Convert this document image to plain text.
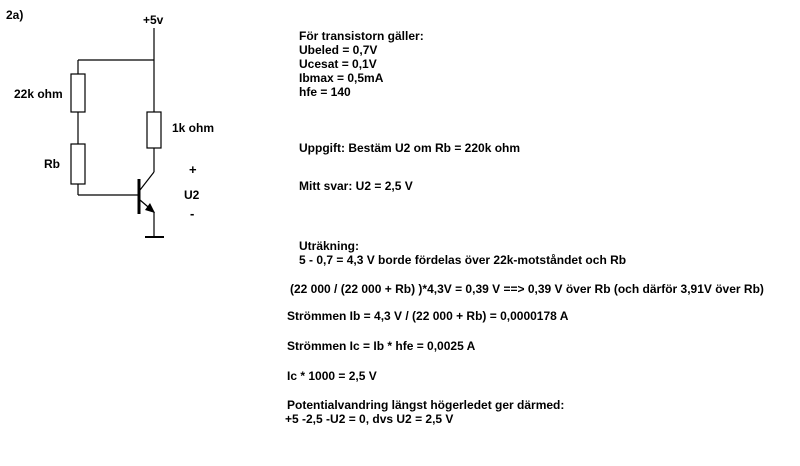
2a)	+5v
22k ohm
Rb
1k ohm
+
U2
-
För transistorn gäller:
Ubeled = 0,7V
Ucesat = 0,1V
Ibmax = 0,5mA
hfe = 140
Uppgift: Bestäm U2 om Rb = 220k ohm
Mitt svar: U2 = 2,5 V
Uträkning:
5 - 0,7 = 4,3 V borde fördelas över 22k-motståndet och Rb
(22 000 / (22 000 + Rb) )*4,3V = 0,39 V ==> 0,39 V över Rb (och därför 3,91V över Rb)
Strömmen Ib = 4,3 V / (22 000 + Rb) = 0,0000178 A
Strömmen Ic = Ib * hfe = 0,0025 A
Ic * 1000 = 2,5 V
Potentialvandring längst högerledet ger därmed:
+5 -2,5 -U2 = 0, dvs U2 = 2,5 V
